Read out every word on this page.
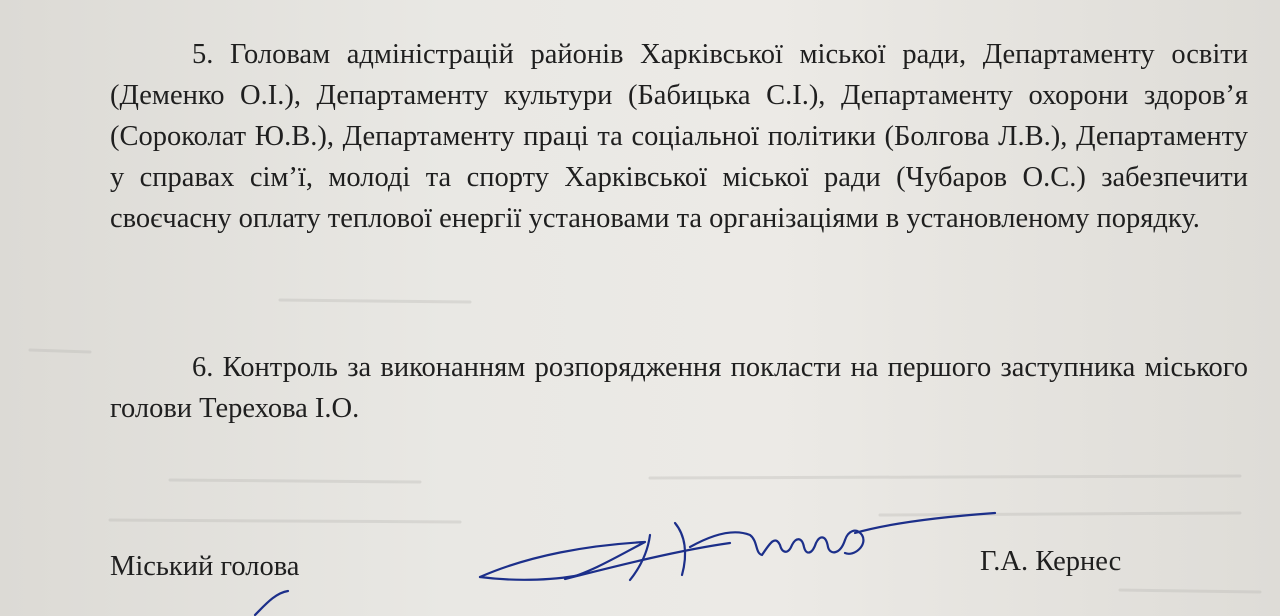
5. Головам адміністрацій районів Харківської міської ради, Департаменту освіти (Деменко О.І.), Департаменту культури (Бабицька С.І.), Департаменту охорони здоров’я (Сороколат Ю.В.), Департаменту праці та соціальної політики (Болгова Л.В.), Департаменту у справах сім’ї, молоді та спорту Харківської міської ради (Чубаров О.С.) забезпечити своєчасну оплату теплової енергії установами та організаціями в установленому порядку.

6. Контроль за виконанням розпорядження покласти на першого заступника міського голови Терехова І.О.

Міський голова	Г.А. Кернес
